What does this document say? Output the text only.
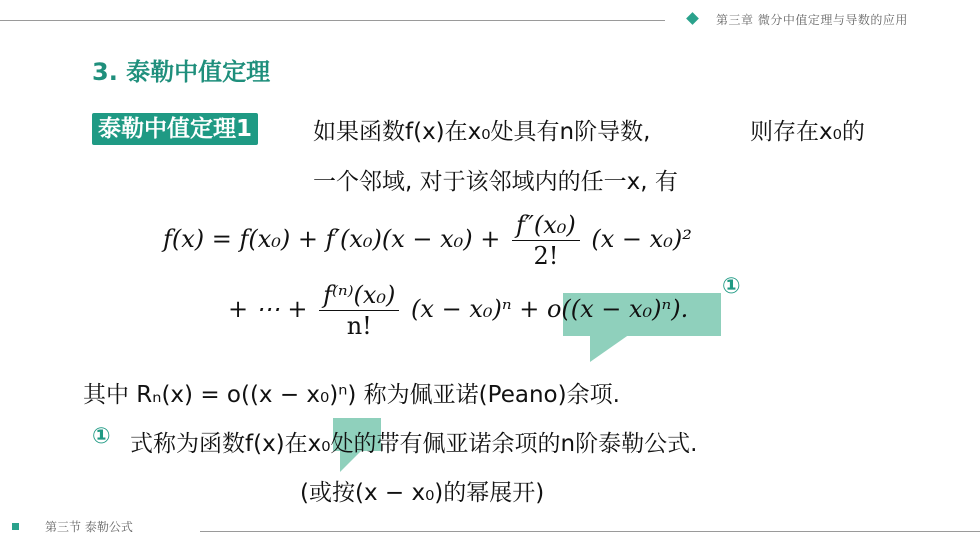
第三章 微分中值定理与导数的应用
3. 泰勒中值定理
泰勒中值定理1	如果函数f(x)在x₀处具有n阶导数,	则存在x₀的
一个邻域, 对于该邻域内的任一x, 有
$f(x) = f(x_0) + f'(x_0)(x - x_0) + \frac{\text{f″(x₀)}}{2!} (x - x_0)^2$
+ ⋯ + $\frac{\text{f⁽ⁿ⁾(x₀)}}{n!} (x - x_0)^n + o((x - x_0)^n)$.
①
其中 Rₙ(x) = o((x − x₀)ⁿ) 称为佩亚诺(Peano)余项.
① 式称为函数f(x)在x₀处的带有佩亚诺余项的n阶泰勒公式.
(或按(x − x₀)的幂展开)
第三节 泰勒公式
